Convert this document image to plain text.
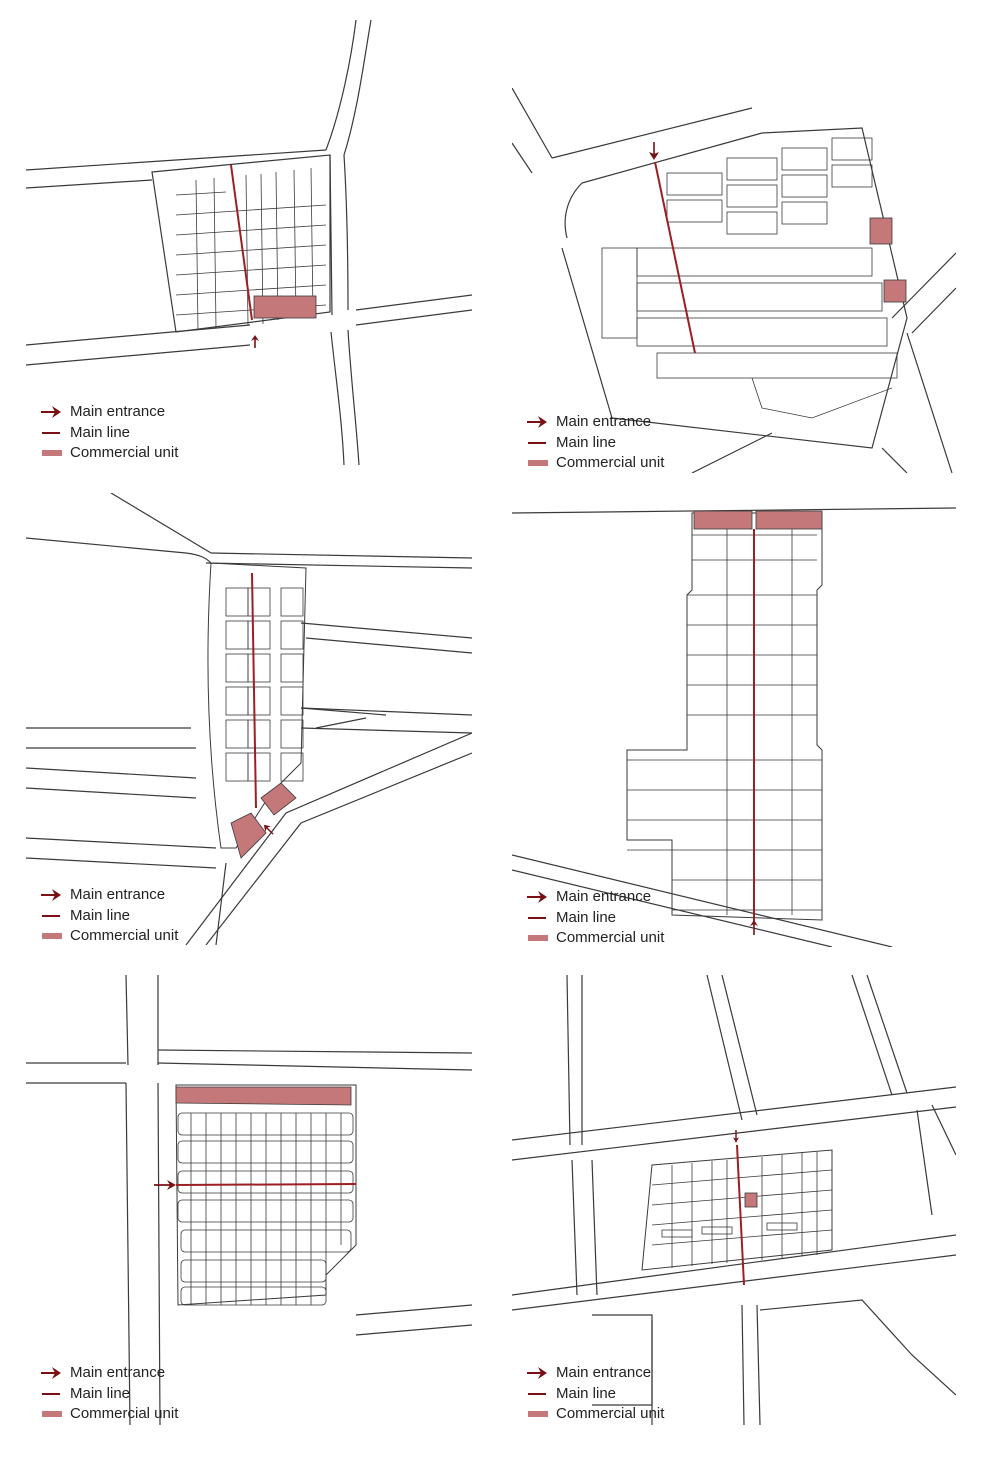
Main entrance
Main line
Commercial unit
Main entrance
Main line
Commercial unit
Main entrance
Main line
Commercial unit
Main entrance
Main line
Commercial unit
Main entrance
Main line
Commercial unit
Main entrance
Main line
Commercial unit
